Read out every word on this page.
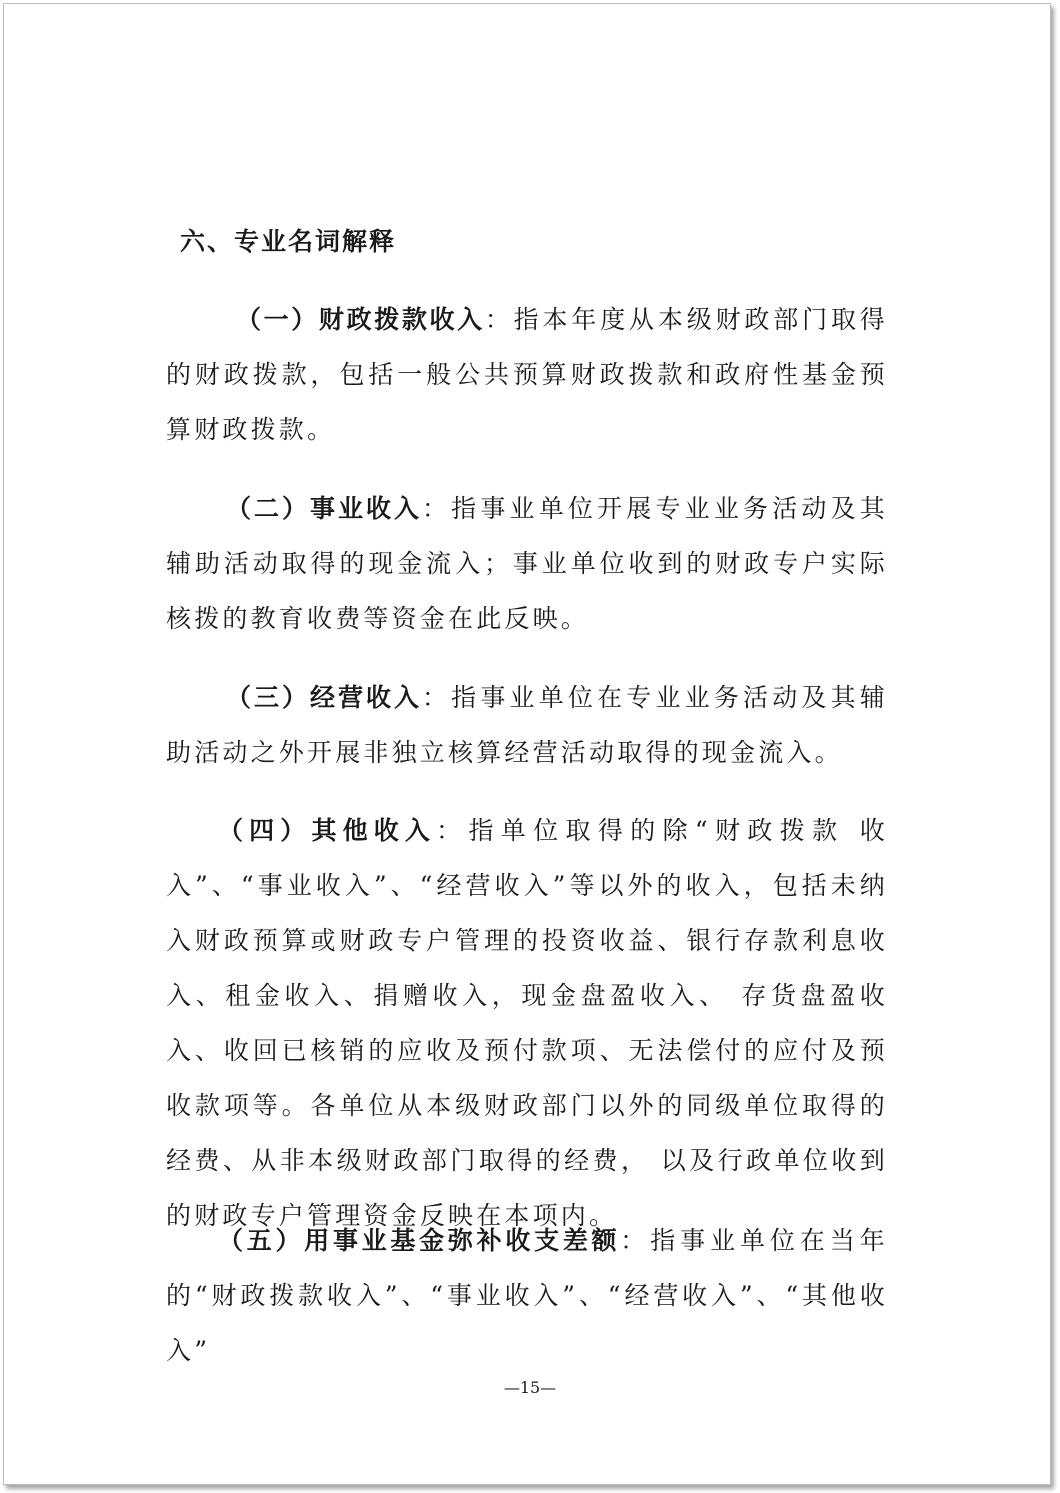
六、专业名词解释
（一）财政拨款收入：指本年度从本级财政部门取得的财政拨款，包括一般公共预算财政拨款和政府性基金预算财政拨款。
（二）事业收入：指事业单位开展专业业务活动及其辅助活动取得的现金流入；事业单位收到的财政专户实际核拨的教育收费等资金在此反映。
（三）经营收入：指事业单位在专业业务活动及其辅助活动之外开展非独立核算经营活动取得的现金流入。
（四）其他收入：指单位取得的除“财政拨款 收入”、“事业收入”、“经营收入”等以外的收入，包括未纳入财政预算或财政专户管理的投资收益、银行存款利息收入、租金收入、捐赠收入，现金盘盈收入、 存货盘盈收入、收回已核销的应收及预付款项、无法偿付的应付及预收款项等。各单位从本级财政部门以外的同级单位取得的经费、从非本级财政部门取得的经费， 以及行政单位收到的财政专户管理资金反映在本项内。
（五）用事业基金弥补收支差额：指事业单位在当年的“财政拨款收入”、“事业收入”、“经营收入”、“其他收入”
—15—
